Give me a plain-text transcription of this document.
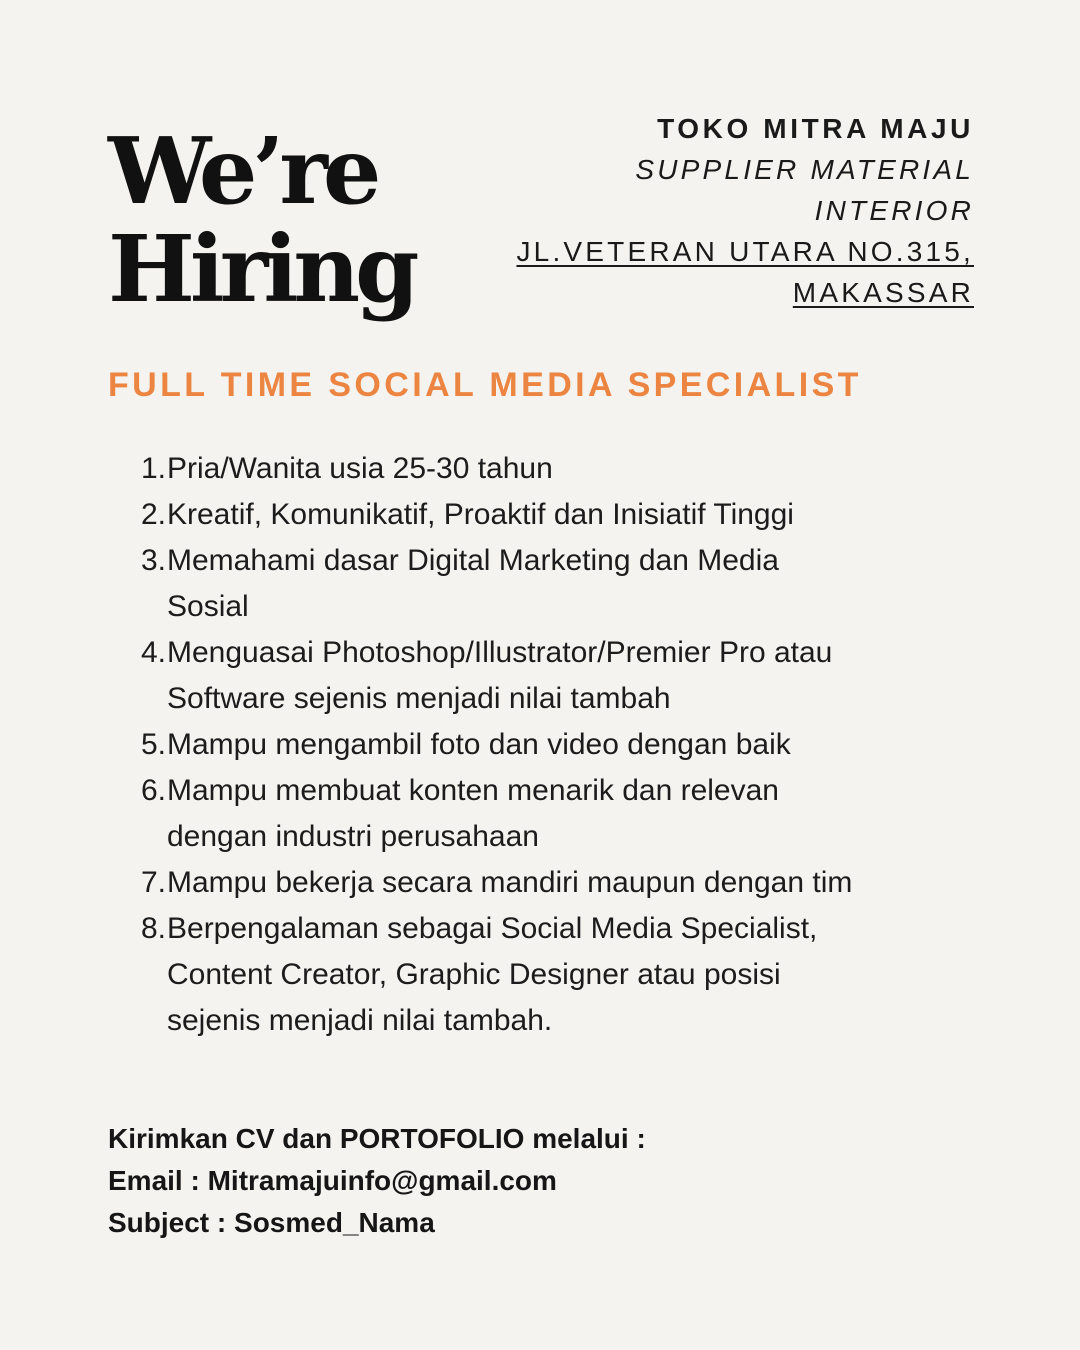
We’re
Hiring
TOKO MITRA MAJU
SUPPLIER MATERIAL
INTERIOR
JL.VETERAN UTARA NO.315,
MAKASSAR
FULL TIME SOCIAL MEDIA SPECIALIST
1. Pria/Wanita usia 25-30 tahun
2. Kreatif, Komunikatif, Proaktif dan Inisiatif Tinggi
3. Memahami dasar Digital Marketing dan Media
Sosial
4. Menguasai Photoshop/Illustrator/Premier Pro atau
Software sejenis menjadi nilai tambah
5. Mampu mengambil foto dan video dengan baik
6. Mampu membuat konten menarik dan relevan
dengan industri perusahaan
7. Mampu bekerja secara mandiri maupun dengan tim
8. Berpengalaman sebagai Social Media Specialist,
Content Creator, Graphic Designer atau posisi
sejenis menjadi nilai tambah.
Kirimkan CV dan PORTOFOLIO melalui :
Email : Mitramajuinfo@gmail.com
Subject : Sosmed_Nama
